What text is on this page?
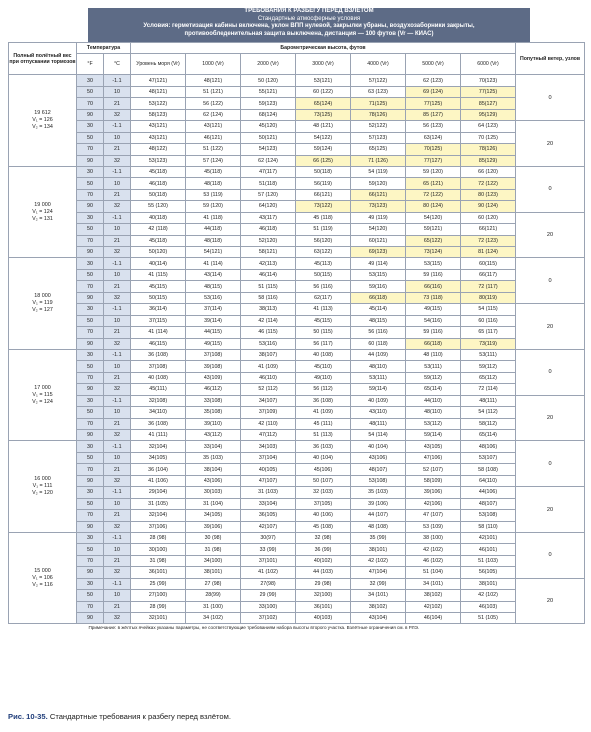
ТРЕБОВАНИЯ К РАЗБЕГУ ПЕРЕД ВЗЛЁТОМ
Стандартные атмосферные условия
Условия: герметизация кабины включена, уклон ВПП нулевой, закрылки убраны, воздухозаборники закрыты,
противообледенительная защита выключена, дистанция — 100 футов (Vr — КИАС)
Полный полётный вес при отпускании тормозов	Температура		Барометрическая высота, футов							Попутный ветер, узлов
	°F	°C	Уровень моря (Vr)	1000 (Vr)	2000 (Vr)	3000 (Vr)	4000 (Vr)	5000 (Vr)	6000 (Vr)	

19 612
V₁ = 126
V₂ = 134	30	-1.1	47(121)	48(121)	50 (120)	53(121)	57(122)	62 (123)	70(123)	0
	50	10	48(121)	51 (121)	55(121)	60 (122)	63 (123)	69 (124)	77(125)	
	70	21	53(122)	56 (122)	59(123)	65(124)	71(125)	77(125)	85(127)	
	90	32	58(123)	62 (124)	68(124)	73(125)	78(126)	85 (127)	95(129)	
	30	-1.1	43(121)	43(121)	45(120)	48 (121)	52(122)	56 (123)	64 (123)	20
	50	10	43(121)	46(121)	50(121)	54(122)	57(123)	63(124)	70 (125)	
	70	21	48(122)	51 (122)	54(123)	59(124)	65(125)	70(125)	78(126)	
	90	32	53(123)	57 (124)	62 (124)	66 (125)	71 (126)	77(127)	85(129)	

19 000
V₁ = 124
V₂ = 131	30	-1.1	45(118)	45(118)	47(117)	50(118)	54 (119)	59 (120)	66 (120)	0
	50	10	46(118)	48(118)	51(118)	56(119)	59(120)	65 (121)	72 (122)	
	70	21	50(118)	53 (119)	57 (120)	66(121)	66(121)	72 (122)	80 (123)	
	90	32	55 (120)	59 (120)	64(120)	73(122)	73(123)	80 (124)	90 (124)	
	30	-1.1	40(118)	41 (118)	43(117)	45 (118)	49 (119)	54(120)	60 (120)	20
	50	10	42 (118)	44(118)	46(118)	51 (119)	54(120)	59(121)	66(121)	
	70	21	45(118)	48(118)	52(120)	56(120)	60(121)	65(122)	72 (123)	
	90	32	50(120)	54(121)	58(121)	63(122)	69(123)	73(124)	81 (124)	

18 000
V₁ = 119
V₂ = 127	30	-1.1	40(114)	41 (114)	42(113)	45(113)	49 (114)	53(115)	60(115)	0
	50	10	41 (115)	43(114)	46(114)	50(115)	53(115)	59 (116)	66(117)	
	70	21	45(115)	48(115)	51 (115)	56 (116)	59(116)	66(116)	72 (117)	
	90	32	50(115)	53(116)	58 (116)	62(117)	66(118)	73 (118)	80(119)	
	30	-1.1	36(114)	37(114)	38(113)	41 (113)	45(114)	49(115)	54 (115)	20
	50	10	37(115)	39(114)	42 (114)	45(115)	48(115)	54(116)	60 (116)	
	70	21	41 (114)	44(115)	46 (115)	50 (115)	56 (116)	59 (116)	65 (117)	
	90	32	46(115)	49(115)	53(116)	56 (117)	60 (118)	66(118)	73(119)	

17 000
V₁ = 115
V₂ = 124	30	-1.1	36 (108)	37(108)	38(107)	40 (108)	44 (109)	48 (110)	53(111)	0
	50	10	37(108)	39(108)	41 (109)	45(110)	48(110)	53(111)	59(112)	
	70	21	40 (108)	43(109)	46(110)	49(110)	53(111)	59(112)	65(112)	
	90	32	45(111)	46(112)	52 (112)	56 (112)	59(114)	65(114)	72 (114)	
	30	-1.1	32(108)	33(108)	34(107)	36 (108)	40 (109)	44(110)	48(111)	20
	50	10	34(110)	35(108)	37(109)	41 (109)	43(110)	48(110)	54 (112)	
	70	21	36 (108)	39(110)	42 (110)	45 (111)	48(111)	53(112)	58(112)	
	90	32	41 (111)	43(112)	47(112)	51 (113)	54 (114)	59(114)	65(114)	

16 000
V₁ = 111
V₂ = 120	30	-1.1	32(104)	33(104)	34(103)	36 (103)	40 (104)	43(105)	48(106)	0
	50	10	34(105)	35 (103)	37(104)	40 (104)	43(106)	47(106)	53(107)	
	70	21	36 (104)	38(104)	40(105)	45(106)	48(107)	52 (107)	58 (108)	
	90	32	41 (106)	43(106)	47(107)	50 (107)	53(108)	58(109)	64(110)	
	30	-1.1	29(104)	30(103)	31 (103)	32 (103)	35 (103)	39(106)	44(106)	20
	50	10	31 (105)	31 (104)	33(104)	37(105)	39 (106)	42(106)	48(107)	
	70	21	32(104)	34(105)	36(105)	40 (106)	44 (107)	47 (107)	53(108)	
	90	32	37(106)	39(106)	42(107)	45 (108)	48 (108)	53 (109)	58 (110)	

15 000
V₁ = 106
V₂ = 116	30	-1.1	28 (98)	30 (98)	30(97)	32 (98)	35 (99)	38 (100)	42(101)	0
	50	10	30(100)	31 (98)	33 (99)	36 (99)	38(101)	42 (102)	46(101)	
	70	21	31 (98)	34(100)	37(101)	40(102)	42 (102)	46 (102)	51 (103)	
	90	32	36(101)	38(101)	41 (102)	44 (103)	47(104)	51 (104)	56(105)	
	30	-1.1	25 (99)	27 (98)	27(98)	29 (98)	32 (99)	34 (101)	38(101)	20
	50	10	27(100)	28(99)	29 (99)	32(100)	34 (101)	38(102)	42 (102)	
	70	21	28 (99)	31 (100)	33(100)	36(101)	38(102)	42(102)	46(103)	
	90	32	32(101)	34 (102)	37(102)	40(103)	43(104)	46(104)	51 (105)	
Примечание: в жёлтых ячейках указаны параметры, не соответствующие требованиям набора высоты второго участка. Взлётные ограничения см. в РЛЭ.										
Рис. 10-35. Стандартные требования к разбегу перед взлётом.
